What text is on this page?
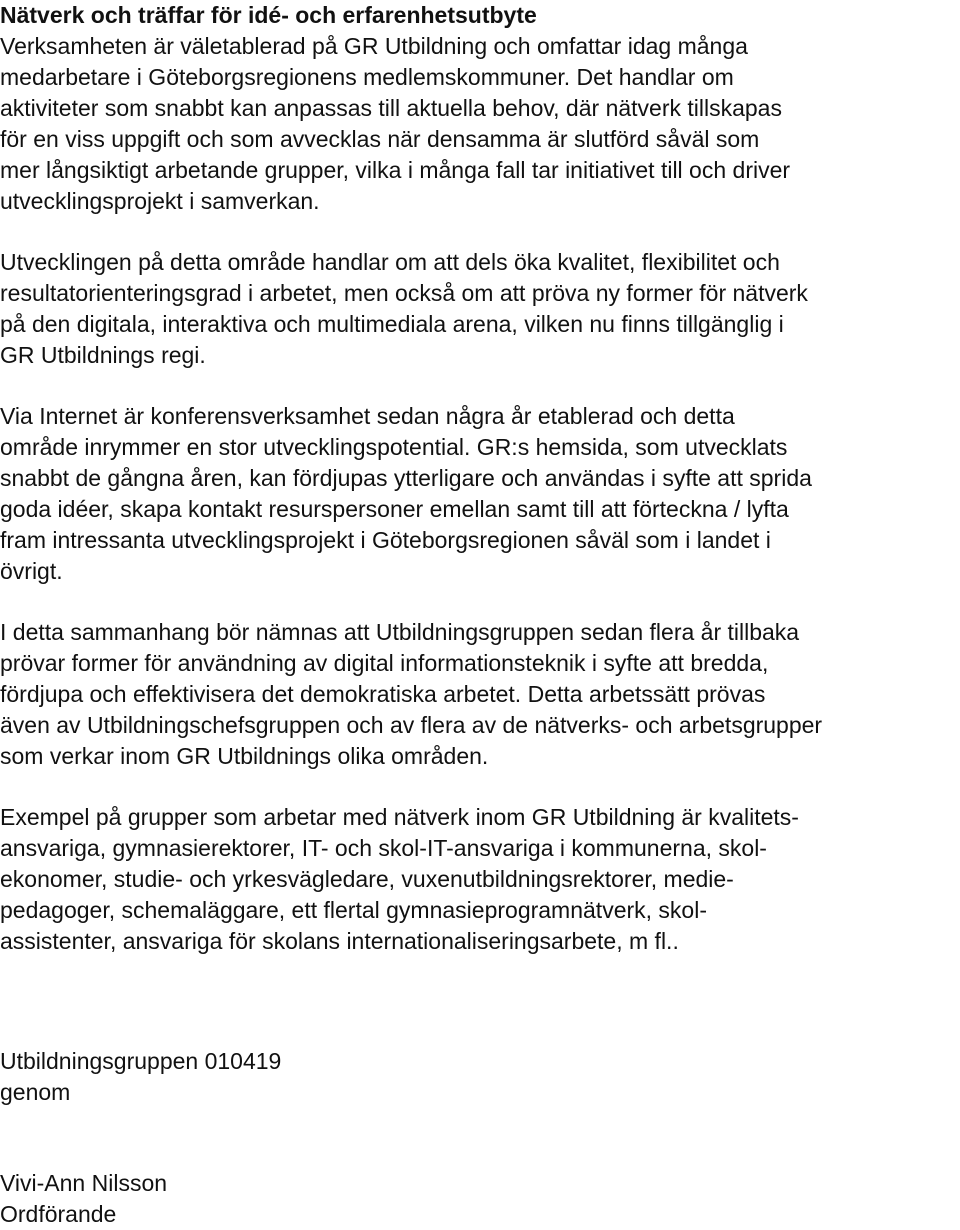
Nätverk och träffar för idé- och erfarenhetsutbyte

Verksamheten är väletablerad på GR Utbildning och omfattar idag många
medarbetare i Göteborgsregionens medlemskommuner. Det handlar om
aktiviteter som snabbt kan anpassas till aktuella behov, där nätverk tillskapas
för en viss uppgift och som avvecklas när densamma är slutförd såväl som
mer långsiktigt arbetande grupper, vilka i många fall tar initiativet till och driver
utvecklingsprojekt i samverkan.

Utvecklingen på detta område handlar om att dels öka kvalitet, flexibilitet och
resultatorienteringsgrad i arbetet, men också om att pröva ny former för nätverk
på den digitala, interaktiva och multimediala arena, vilken nu finns tillgänglig i
GR Utbildnings regi.

Via Internet är konferensverksamhet sedan några år etablerad och detta
område inrymmer en stor utvecklingspotential. GR:s hemsida, som utvecklats
snabbt de gångna åren, kan fördjupas ytterligare och användas i syfte att sprida
goda idéer, skapa kontakt resurspersoner emellan samt till att förteckna / lyfta
fram intressanta utvecklingsprojekt i Göteborgsregionen såväl som i landet i
övrigt.

I detta sammanhang bör nämnas att Utbildningsgruppen sedan flera år tillbaka
prövar former för användning av digital informationsteknik i syfte att bredda,
fördjupa och effektivisera det demokratiska arbetet. Detta arbetssätt prövas
även av Utbildningschefsgruppen och av flera av de nätverks- och arbetsgrupper
som verkar inom GR Utbildnings olika områden.

Exempel på grupper som arbetar med nätverk inom GR Utbildning är kvalitets-
ansvariga, gymnasierektorer, IT- och skol-IT-ansvariga i kommunerna, skol-
ekonomer, studie- och yrkesvägledare, vuxenutbildningsrektorer, medie-
pedagoger, schemaläggare, ett flertal gymnasieprogramnätverk, skol-
assistenter, ansvariga för skolans internationaliseringsarbete, m fl..

Utbildningsgruppen 010419
genom
Vivi-Ann Nilsson
Ordförande
